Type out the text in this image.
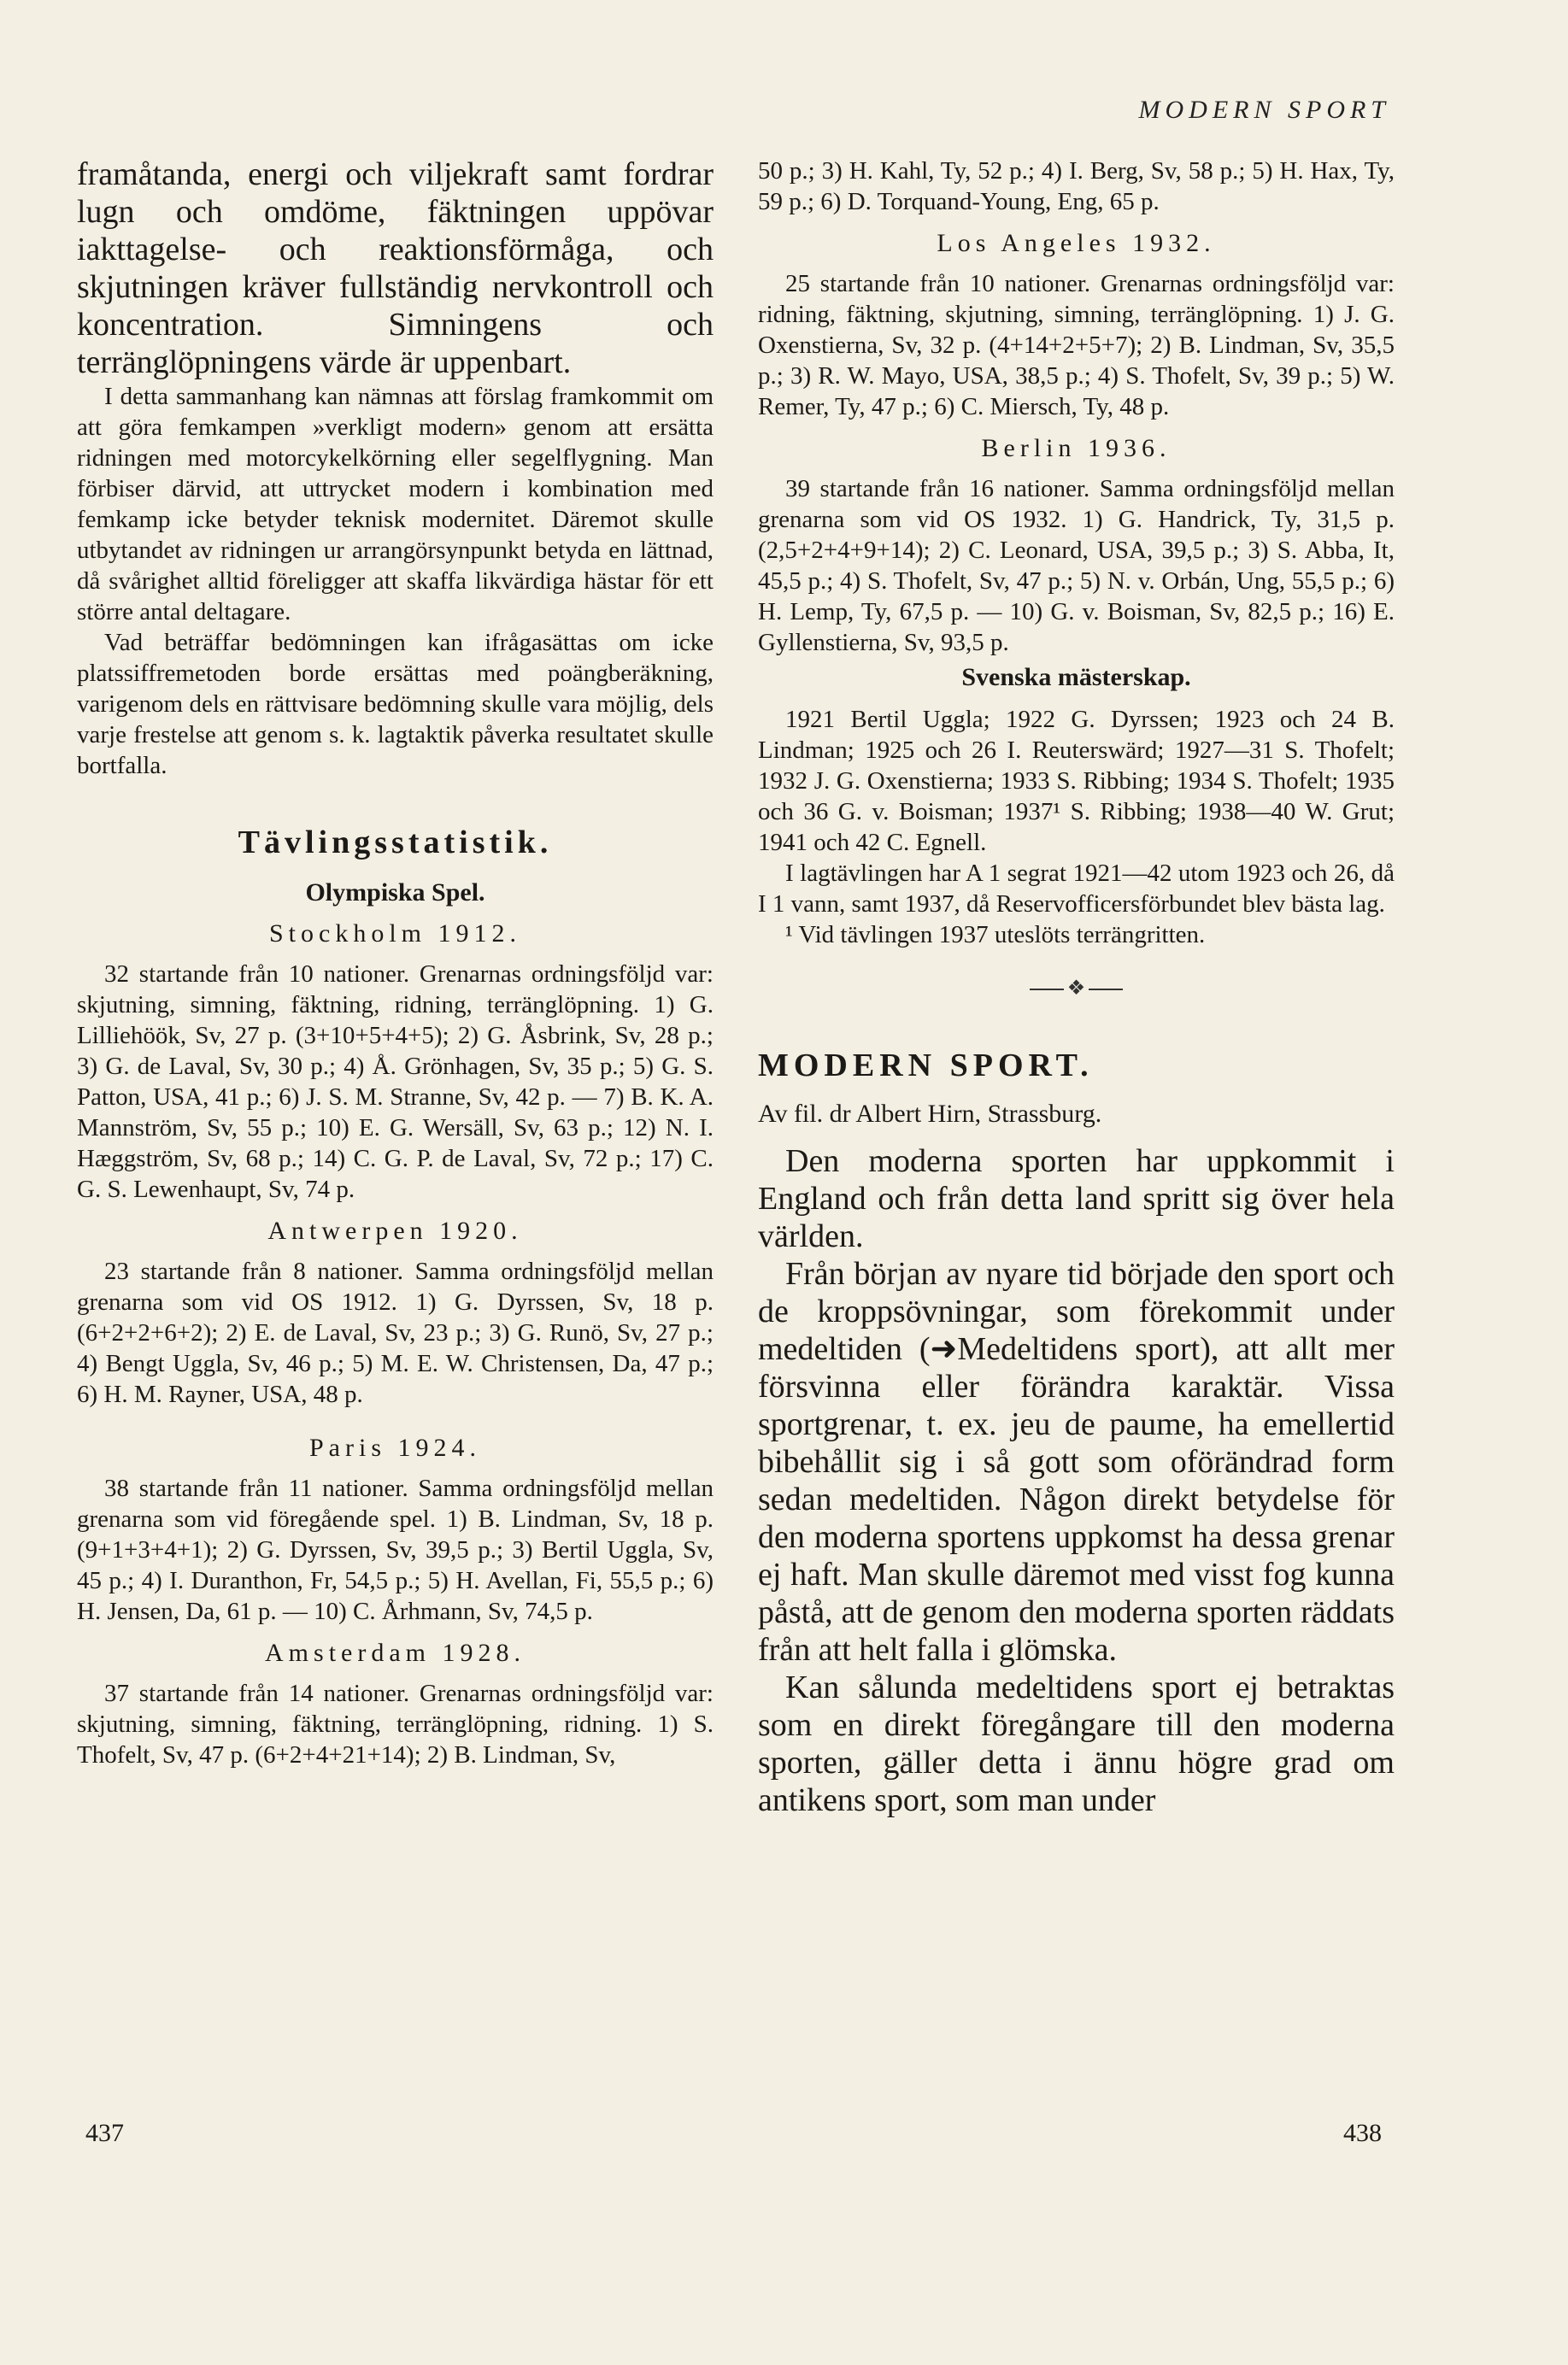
MODERN SPORT

framåtanda, energi och viljekraft samt fordrar lugn och omdöme, fäktningen uppövar iakttagelse- och reaktionsförmåga, och skjutningen kräver fullständig nervkontroll och koncentration. Simningens och terränglöpningens värde är uppenbart.

I detta sammanhang kan nämnas att förslag framkommit om att göra femkampen »verkligt modern» genom att ersätta ridningen med motorcykelkörning eller segelflygning. Man förbiser därvid, att uttrycket modern i kombination med femkamp icke betyder teknisk modernitet. Däremot skulle utbytandet av ridningen ur arrangörsynpunkt betyda en lättnad, då svårighet alltid föreligger att skaffa likvärdiga hästar för ett större antal deltagare.

Vad beträffar bedömningen kan ifrågasättas om icke platssiffremetoden borde ersättas med poängberäkning, varigenom dels en rättvisare bedömning skulle vara möjlig, dels varje frestelse att genom s. k. lagtaktik påverka resultatet skulle bortfalla.

Tävlingsstatistik.
Olympiska Spel.
Stockholm 1912.

32 startande från 10 nationer. Grenarnas ordningsföljd var: skjutning, simning, fäktning, ridning, terränglöpning. 1) G. Lilliehöök, Sv, 27 p. (3+10+5+4+5); 2) G. Åsbrink, Sv, 28 p.; 3) G. de Laval, Sv, 30 p.; 4) Å. Grönhagen, Sv, 35 p.; 5) G. S. Patton, USA, 41 p.; 6) J. S. M. Stranne, Sv, 42 p. — 7) B. K. A. Mannström, Sv, 55 p.; 10) E. G. Wersäll, Sv, 63 p.; 12) N. I. Hæggström, Sv, 68 p.; 14) C. G. P. de Laval, Sv, 72 p.; 17) C. G. S. Lewenhaupt, Sv, 74 p.

Antwerpen 1920.

23 startande från 8 nationer. Samma ordningsföljd mellan grenarna som vid OS 1912. 1) G. Dyrssen, Sv, 18 p. (6+2+2+6+2); 2) E. de Laval, Sv, 23 p.; 3) G. Runö, Sv, 27 p.; 4) Bengt Uggla, Sv, 46 p.; 5) M. E. W. Christensen, Da, 47 p.; 6) H. M. Rayner, USA, 48 p.

Paris 1924.

38 startande från 11 nationer. Samma ordningsföljd mellan grenarna som vid föregående spel. 1) B. Lindman, Sv, 18 p. (9+1+3+4+1); 2) G. Dyrssen, Sv, 39,5 p.; 3) Bertil Uggla, Sv, 45 p.; 4) I. Duranthon, Fr, 54,5 p.; 5) H. Avellan, Fi, 55,5 p.; 6) H. Jensen, Da, 61 p. — 10) C. Århmann, Sv, 74,5 p.

Amsterdam 1928.

37 startande från 14 nationer. Grenarnas ordningsföljd var: skjutning, simning, fäktning, terränglöpning, ridning. 1) S. Thofelt, Sv, 47 p. (6+2+4+21+14); 2) B. Lindman, Sv,

50 p.; 3) H. Kahl, Ty, 52 p.; 4) I. Berg, Sv, 58 p.; 5) H. Hax, Ty, 59 p.; 6) D. Torquand-Young, Eng, 65 p.

Los Angeles 1932.

25 startande från 10 nationer. Grenarnas ordningsföljd var: ridning, fäktning, skjutning, simning, terränglöpning. 1) J. G. Oxenstierna, Sv, 32 p. (4+14+2+5+7); 2) B. Lindman, Sv, 35,5 p.; 3) R. W. Mayo, USA, 38,5 p.; 4) S. Thofelt, Sv, 39 p.; 5) W. Remer, Ty, 47 p.; 6) C. Miersch, Ty, 48 p.

Berlin 1936.

39 startande från 16 nationer. Samma ordningsföljd mellan grenarna som vid OS 1932. 1) G. Handrick, Ty, 31,5 p. (2,5+2+4+9+14); 2) C. Leonard, USA, 39,5 p.; 3) S. Abba, It, 45,5 p.; 4) S. Thofelt, Sv, 47 p.; 5) N. v. Orbán, Ung, 55,5 p.; 6) H. Lemp, Ty, 67,5 p. — 10) G. v. Boisman, Sv, 82,5 p.; 16) E. Gyllenstierna, Sv, 93,5 p.

Svenska mästerskap.

1921 Bertil Uggla; 1922 G. Dyrssen; 1923 och 24 B. Lindman; 1925 och 26 I. Reuterswärd; 1927—31 S. Thofelt; 1932 J. G. Oxenstierna; 1933 S. Ribbing; 1934 S. Thofelt; 1935 och 36 G. v. Boisman; 1937¹ S. Ribbing; 1938—40 W. Grut; 1941 och 42 C. Egnell.

I lagtävlingen har A 1 segrat 1921—42 utom 1923 och 26, då I 1 vann, samt 1937, då Reservofficersförbundet blev bästa lag.

¹ Vid tävlingen 1937 uteslöts terrängritten.

❖
MODERN SPORT.
Av fil. dr Albert Hirn, Strassburg.

Den moderna sporten har uppkommit i England och från detta land spritt sig över hela världen.

Från början av nyare tid började den sport och de kroppsövningar, som förekommit under medeltiden (➜Medeltidens sport), att allt mer försvinna eller förändra karaktär. Vissa sportgrenar, t. ex. jeu de paume, ha emellertid bibehållit sig i så gott som oförändrad form sedan medeltiden. Någon direkt betydelse för den moderna sportens uppkomst ha dessa grenar ej haft. Man skulle däremot med visst fog kunna påstå, att de genom den moderna sporten räddats från att helt falla i glömska.

Kan sålunda medeltidens sport ej betraktas som en direkt föregångare till den moderna sporten, gäller detta i ännu högre grad om antikens sport, som man under

437	438
